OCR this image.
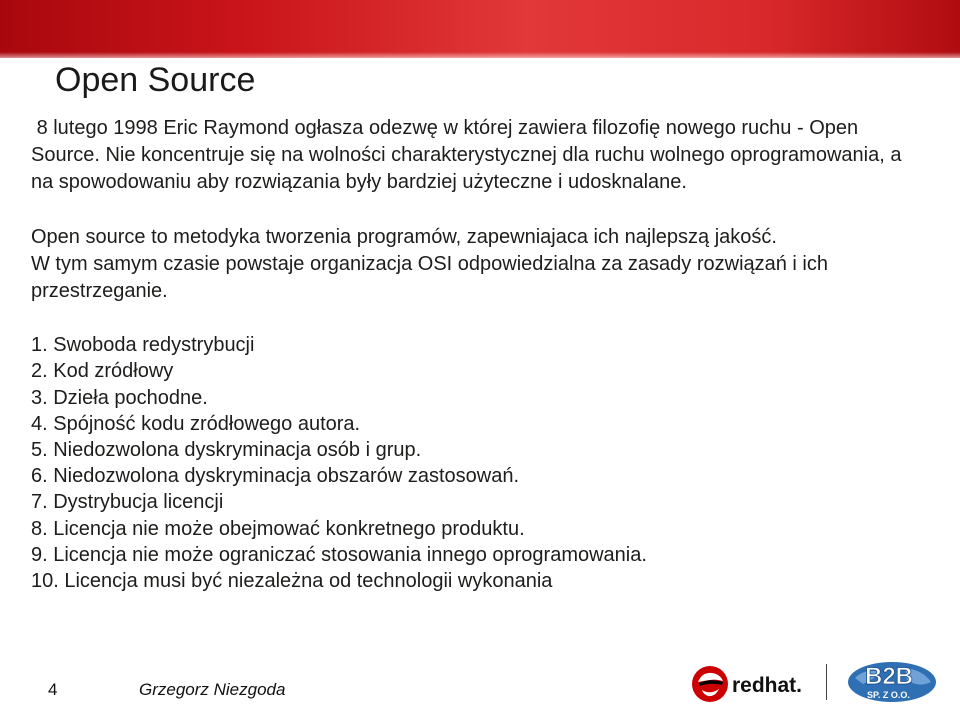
Open Source

8 lutego 1998 Eric Raymond ogłasza odezwę w której zawiera filozofię nowego ruchu - Open Source. Nie koncentruje się na wolności charakterystycznej dla ruchu wolnego oprogramowania, a na spowodowaniu aby rozwiązania były bardziej użyteczne i udosknalane.

Open source to metodyka tworzenia programów, zapewniajaca ich najlepszą jakość.

W tym samym czasie powstaje organizacja OSI odpowiedzialna za zasady rozwiązań i ich przestrzeganie.

1. Swoboda redystrybucji
2. Kod zródłowy
3. Dzieła pochodne.
4. Spójność kodu zródłowego autora.
5. Niedozwolona dyskryminacja osób i grup.
6. Niedozwolona dyskryminacja obszarów zastosowań.
7. Dystrybucja licencji
8. Licencja nie może obejmować konkretnego produktu.
9. Licencja nie może ograniczać stosowania innego oprogramowania.
10. Licencja musi być niezależna od technologii wykonania
4	Grzegorz Niezgoda	redhat.	B2B
SP. Z O.O.
